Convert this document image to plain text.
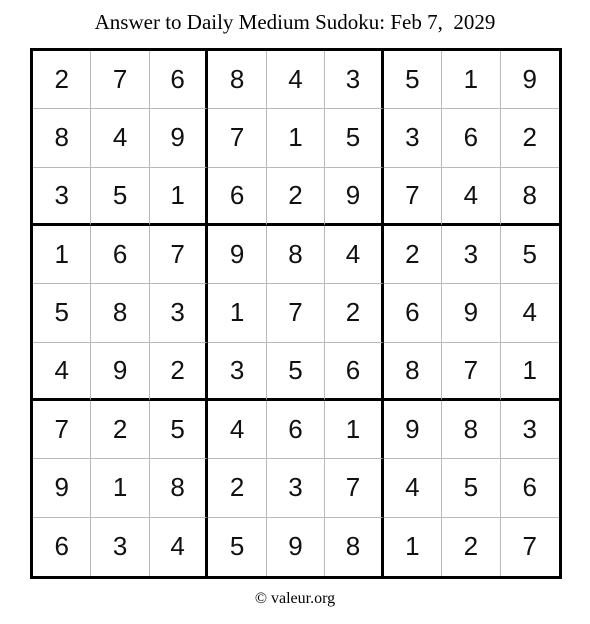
Answer to Daily Medium Sudoku: Feb 7,  2029
2	7	6	8	4	3	5	1	9
8	4	9	7	1	5	3	6	2
3	5	1	6	2	9	7	4	8
1	6	7	9	8	4	2	3	5
5	8	3	1	7	2	6	9	4
4	9	2	3	5	6	8	7	1
7	2	5	4	6	1	9	8	3
9	1	8	2	3	7	4	5	6
6	3	4	5	9	8	1	2	7
© valeur.org
